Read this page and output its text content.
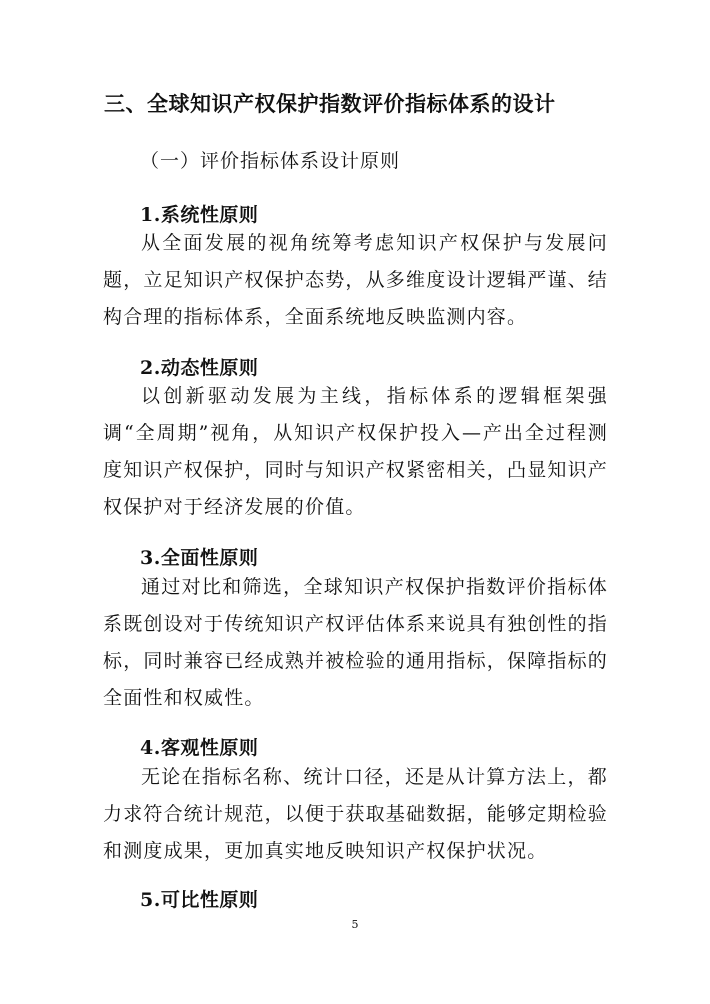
三、全球知识产权保护指数评价指标体系的设计
（一）评价指标体系设计原则
1.系统性原则

从全面发展的视角统筹考虑知识产权保护与发展问题，立足知识产权保护态势，从多维度设计逻辑严谨、结构合理的指标体系，全面系统地反映监测内容。

2.动态性原则

以创新驱动发展为主线，指标体系的逻辑框架强调“全周期”视角，从知识产权保护投入—产出全过程测度知识产权保护，同时与知识产权紧密相关，凸显知识产权保护对于经济发展的价值。

3.全面性原则

通过对比和筛选，全球知识产权保护指数评价指标体系既创设对于传统知识产权评估体系来说具有独创性的指标，同时兼容已经成熟并被检验的通用指标，保障指标的全面性和权威性。

4.客观性原则

无论在指标名称、统计口径，还是从计算方法上，都力求符合统计规范，以便于获取基础数据，能够定期检验和测度成果，更加真实地反映知识产权保护状况。

5.可比性原则
5
